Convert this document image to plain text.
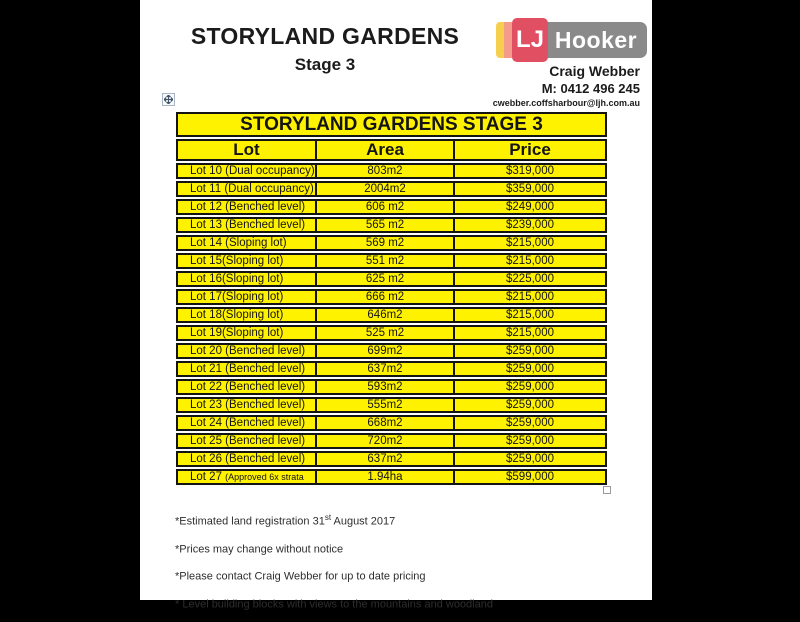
STORYLAND GARDENS
Stage 3
LJ Hooker
Craig Webber
M: 0412 496 245
cwebber.coffsharbour@ljh.com.au
STORYLAND GARDENS STAGE 3
Lot	Area	Price
Lot 10 (Dual occupancy)	803m2	$319,000
Lot 11 (Dual occupancy)	2004m2	$359,000
Lot 12 (Benched level)	606 m2	$249,000
Lot 13 (Benched level)	565 m2	$239,000
Lot 14 (Sloping lot)	569 m2	$215,000
Lot 15(Sloping lot)	551 m2	$215,000
Lot 16(Sloping lot)	625 m2	$225,000
Lot 17(Sloping lot)	666 m2	$215,000
Lot 18(Sloping lot)	646m2	$215,000
Lot 19(Sloping lot)	525 m2	$215,000
Lot 20 (Benched level)	699m2	$259,000
Lot 21 (Benched level)	637m2	$259,000
Lot 22 (Benched level)	593m2	$259,000
Lot 23 (Benched level)	555m2	$259,000
Lot 24 (Benched level)	668m2	$259,000
Lot 25 (Benched level)	720m2	$259,000
Lot 26 (Benched level)	637m2	$259,000
Lot 27 (Approved 6x strata	1.94ha	$599,000
*Estimated land registration 31st August 2017
*Prices may change without notice
*Please contact Craig Webber for up to date pricing
* Level building blocks with views to the mountains and woodland
